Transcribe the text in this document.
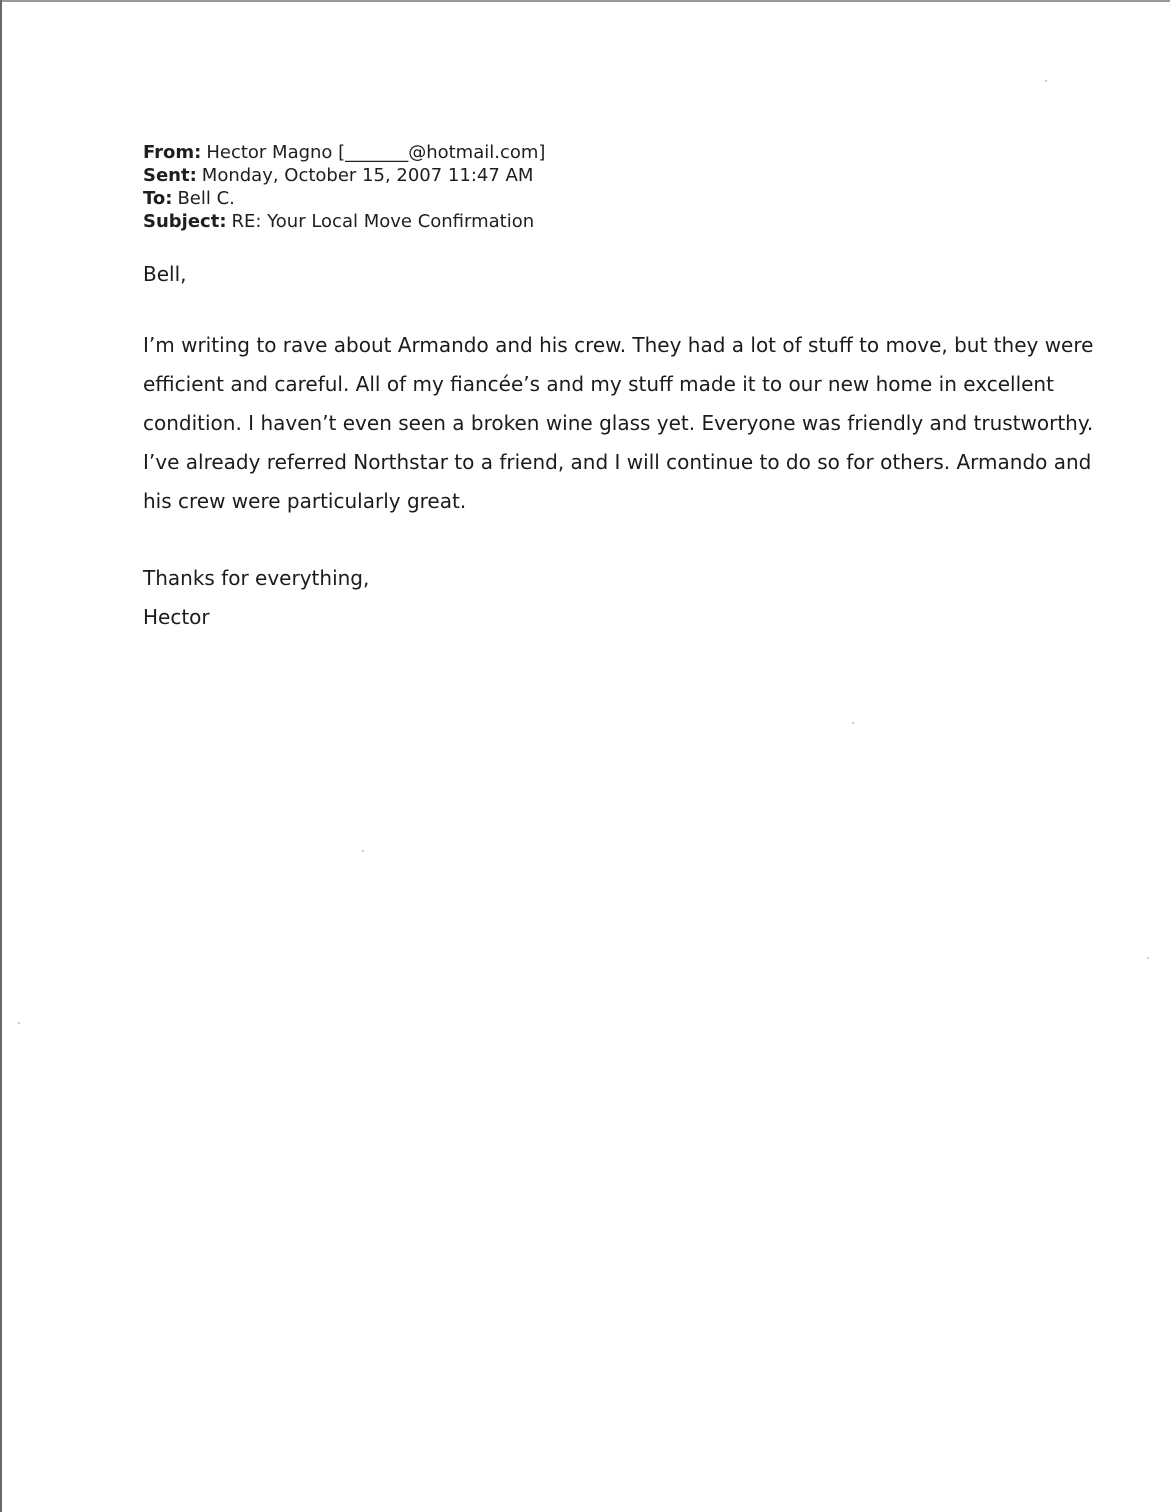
From: Hector Magno [_______@hotmail.com]
Sent: Monday, October 15, 2007 11:47 AM
To: Bell C.
Subject: RE: Your Local Move Confirmation
Bell,
I’m writing to rave about Armando and his crew. They had a lot of stuff to move, but they were
efficient and careful. All of my fiancée’s and my stuff made it to our new home in excellent
condition. I haven’t even seen a broken wine glass yet. Everyone was friendly and trustworthy.
I’ve already referred Northstar to a friend, and I will continue to do so for others. Armando and
his crew were particularly great.
Thanks for everything,
Hector
